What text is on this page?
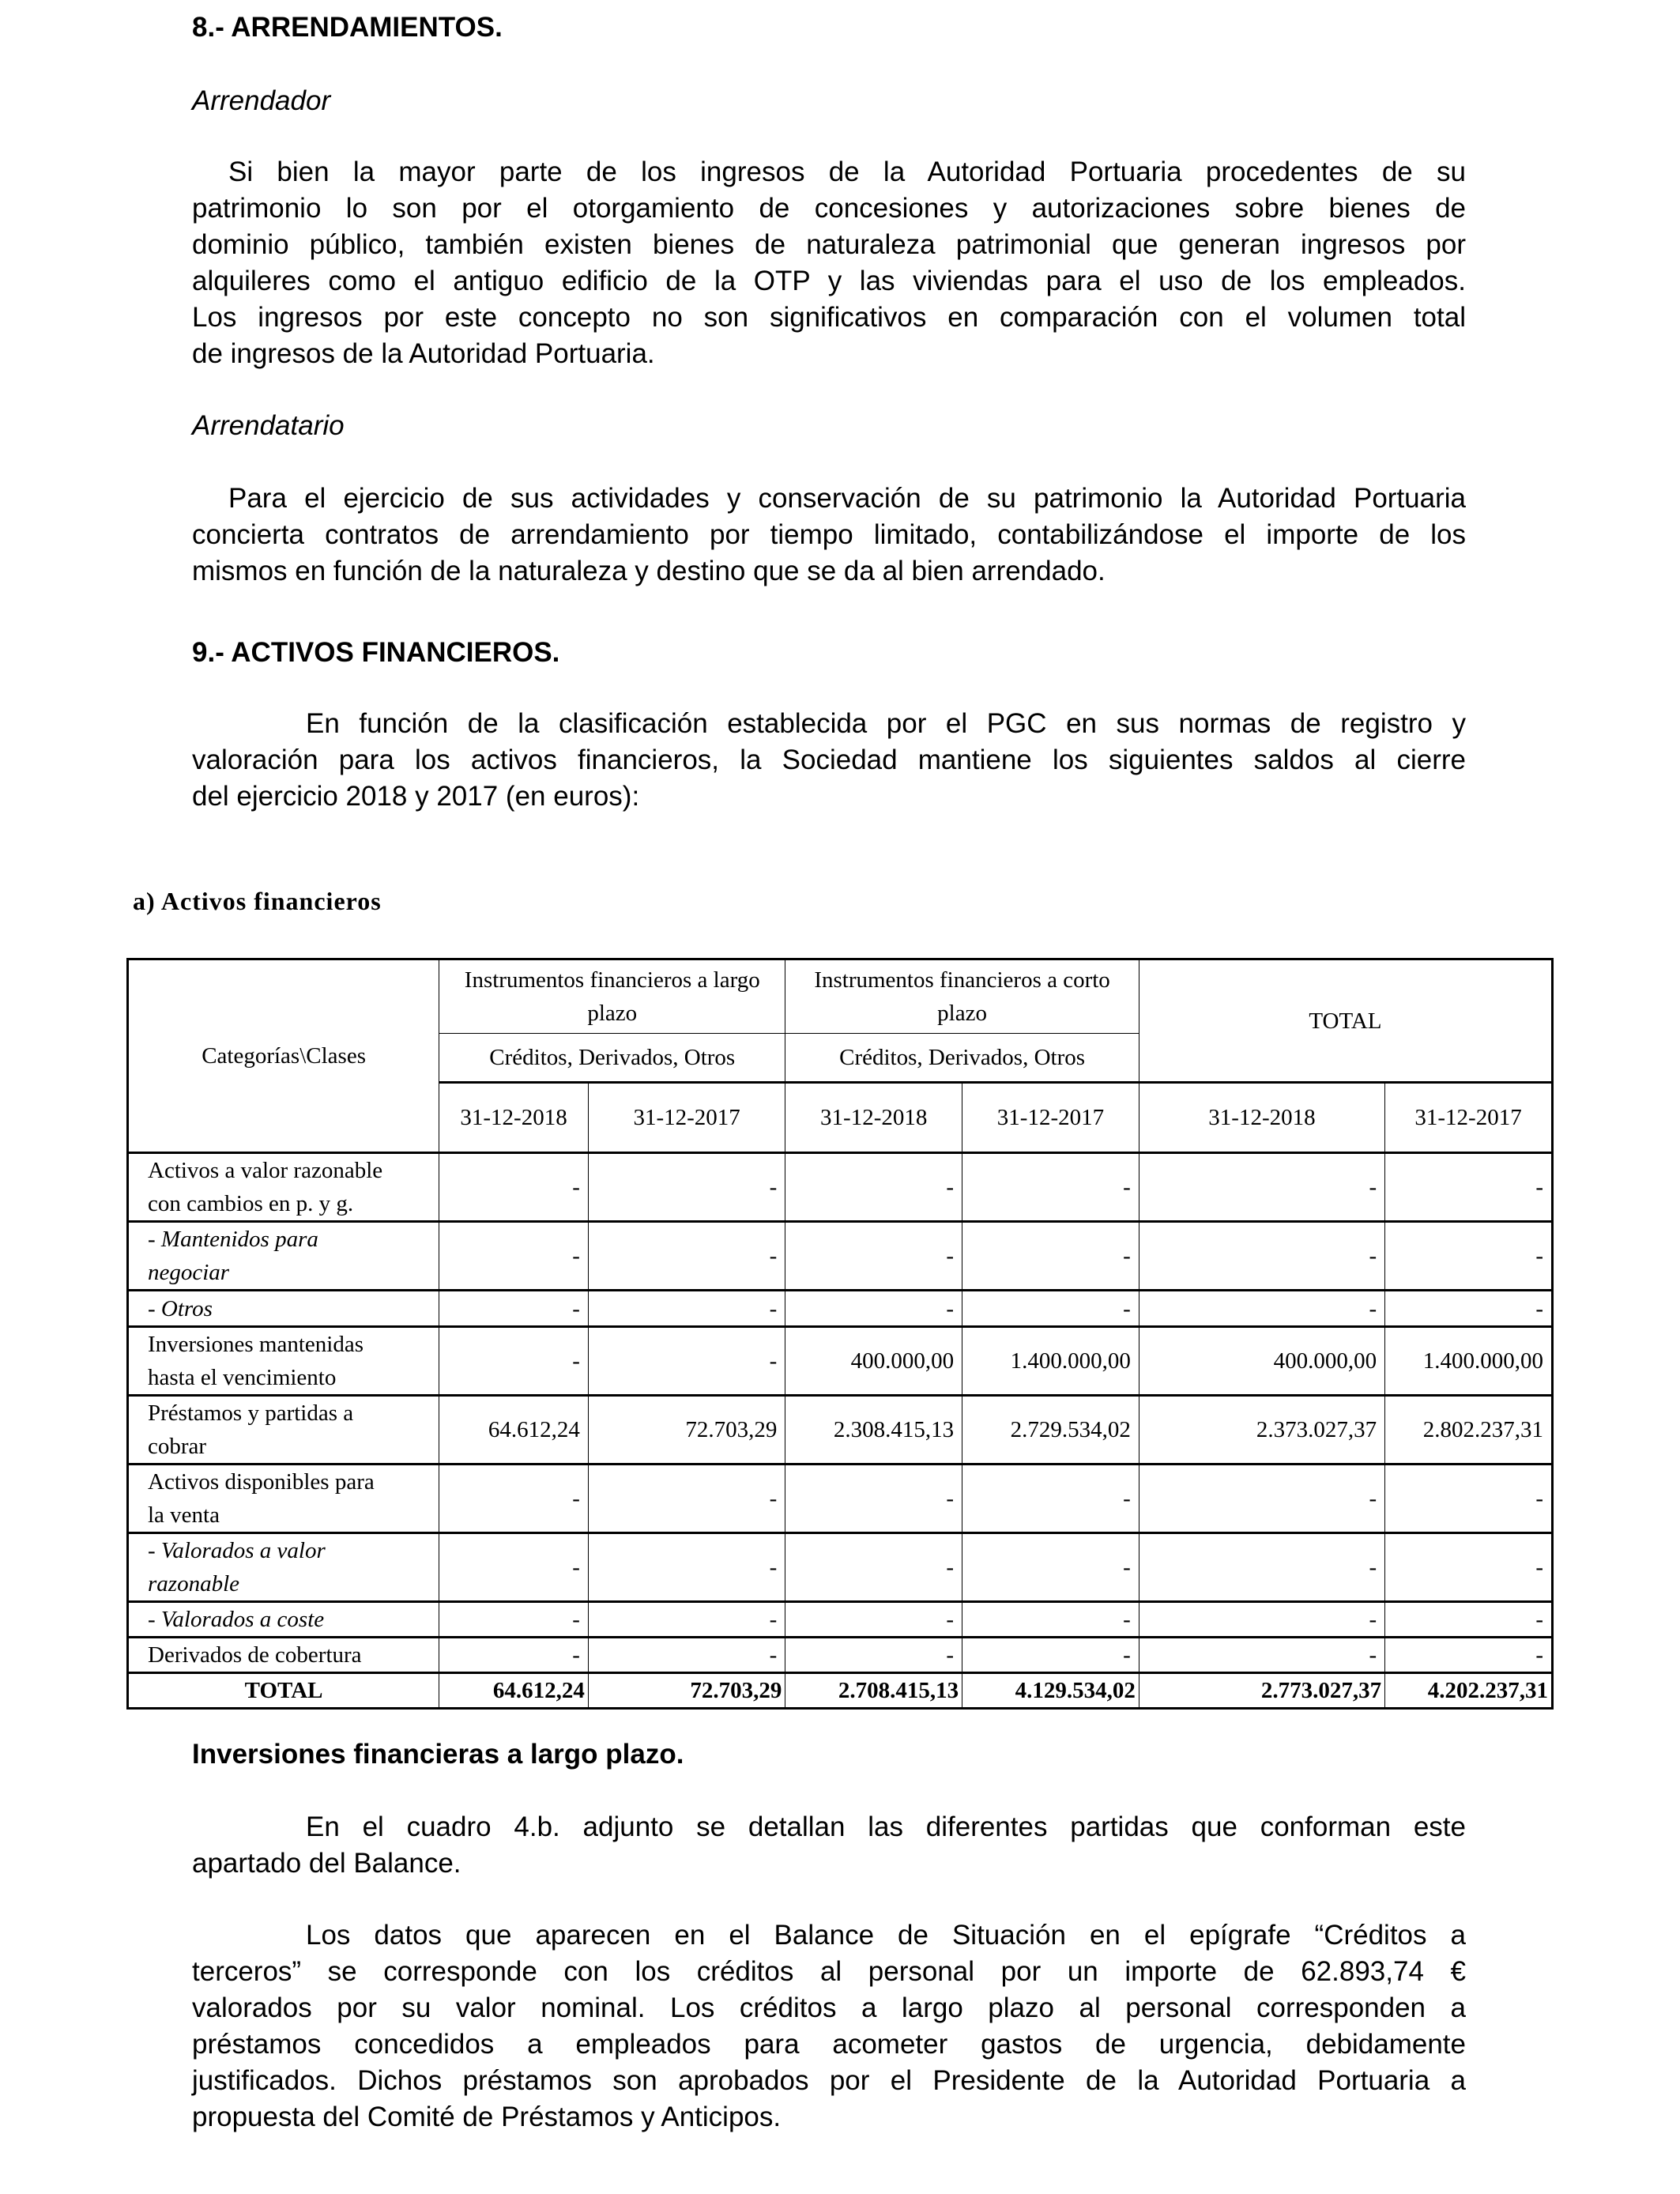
8.- ARRENDAMIENTOS.
Arrendador
Si bien la mayor parte de los ingresos de la Autoridad Portuaria procedentes de su
patrimonio lo son por el otorgamiento de concesiones y autorizaciones sobre bienes de
dominio público, también existen bienes de naturaleza patrimonial que generan ingresos por
alquileres como el antiguo edificio de la OTP y las viviendas para el uso de los empleados.
Los ingresos por este concepto no son significativos en comparación con el volumen total
de ingresos de la Autoridad Portuaria.
Arrendatario
Para el ejercicio de sus actividades y conservación de su patrimonio la Autoridad Portuaria
concierta contratos de arrendamiento por tiempo limitado, contabilizándose el importe de los
mismos en función de la naturaleza y destino que se da al bien arrendado.
9.- ACTIVOS FINANCIEROS.
En función de la clasificación establecida por el PGC en sus normas de registro y
valoración para los activos financieros, la Sociedad mantiene los siguientes saldos al cierre
del ejercicio 2018 y 2017 (en euros):
a) Activos financieros
Categorías\Clases	Instrumentos financieros a largo plazo		Instrumentos financieros a corto plazo		TOTAL	
	Créditos, Derivados, Otros		Créditos, Derivados, Otros			
	31-12-2018	31-12-2017	31-12-2018	31-12-2017	31-12-2018	31-12-2017
Activos a valor razonable
con cambios en p. y g.	-	-	-	-	-	-
- Mantenidos para
negociar	-	-	-	-	-	-
- Otros	-	-	-	-	-	-
Inversiones mantenidas
hasta el vencimiento	-	-	400.000,00	1.400.000,00	400.000,00	1.400.000,00
Préstamos y partidas a
cobrar	64.612,24	72.703,29	2.308.415,13	2.729.534,02	2.373.027,37	2.802.237,31
Activos disponibles para
la venta	-	-	-	-	-	-
- Valorados a valor
razonable	-	-	-	-	-	-
- Valorados a coste	-	-	-	-	-	-
Derivados de cobertura	-	-	-	-	-	-
TOTAL	64.612,24	72.703,29	2.708.415,13	4.129.534,02	2.773.027,37	4.202.237,31
Inversiones financieras a largo plazo.
En el cuadro 4.b. adjunto se detallan las diferentes partidas que conforman este
apartado del Balance.
Los datos que aparecen en el Balance de Situación en el epígrafe “Créditos a
terceros” se corresponde con los créditos al personal por un importe de 62.893,74 €
valorados por su valor nominal. Los créditos a largo plazo al personal corresponden a
préstamos concedidos a empleados para acometer gastos de urgencia, debidamente
justificados. Dichos préstamos son aprobados por el Presidente de la Autoridad Portuaria a
propuesta del Comité de Préstamos y Anticipos.
